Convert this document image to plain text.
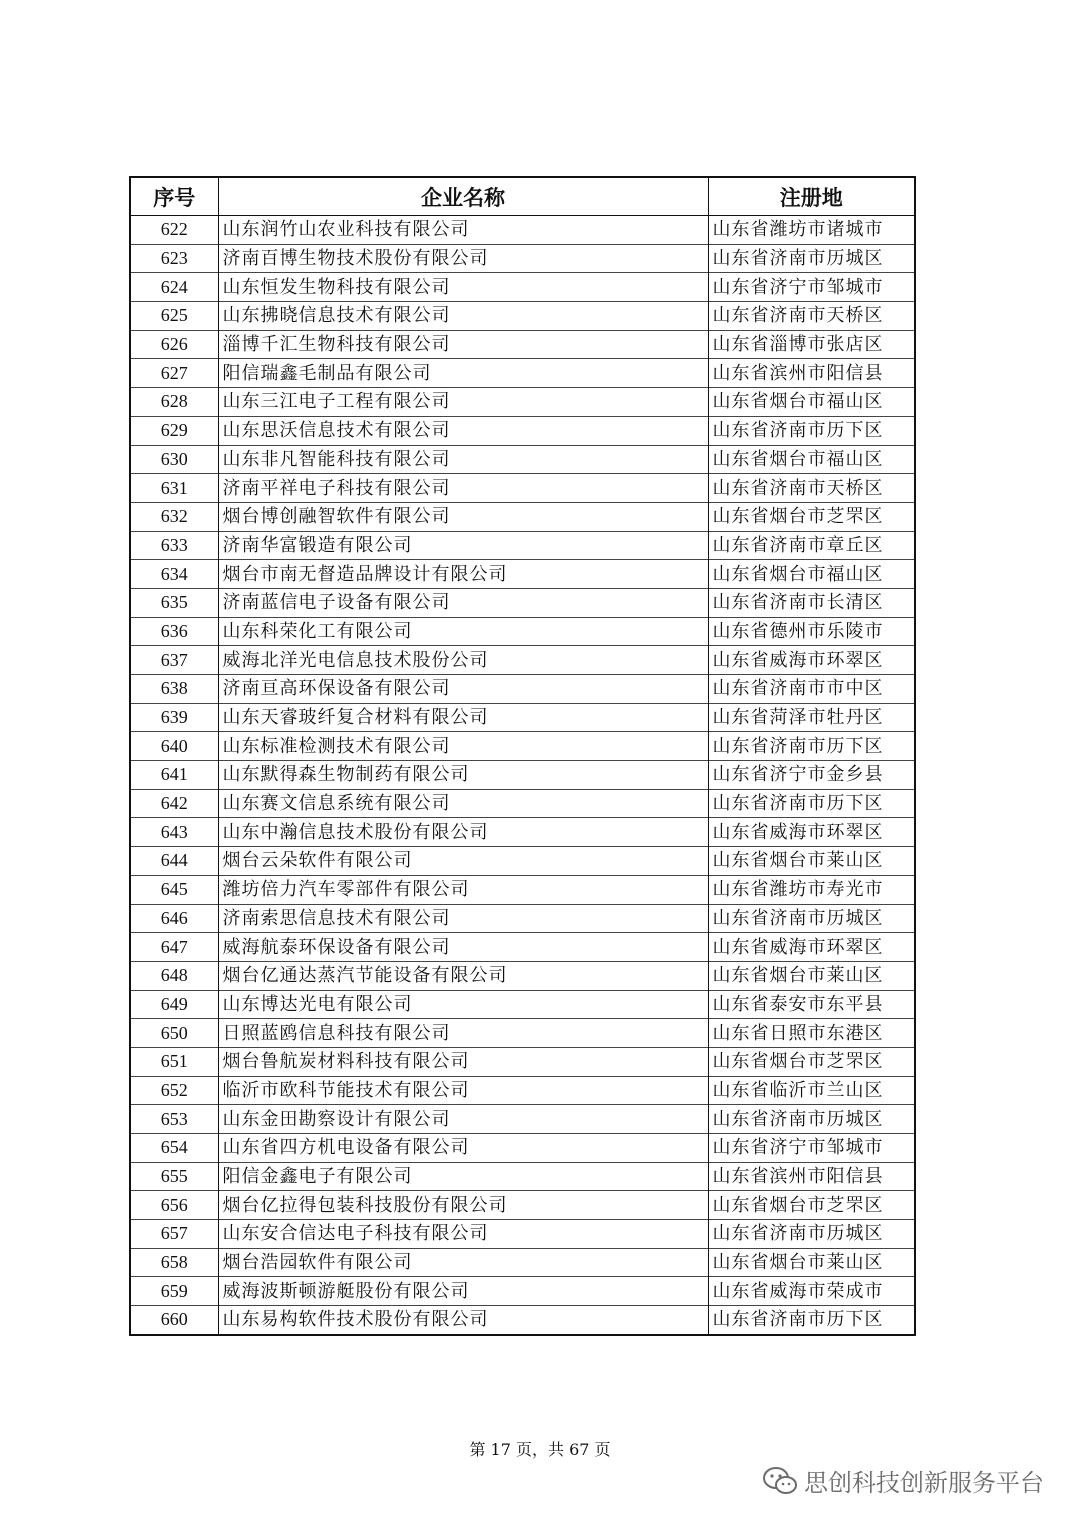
序号	企业名称	注册地
622	山东润竹山农业科技有限公司	山东省潍坊市诸城市
623	济南百博生物技术股份有限公司	山东省济南市历城区
624	山东恒发生物科技有限公司	山东省济宁市邹城市
625	山东拂晓信息技术有限公司	山东省济南市天桥区
626	淄博千汇生物科技有限公司	山东省淄博市张店区
627	阳信瑞鑫毛制品有限公司	山东省滨州市阳信县
628	山东三江电子工程有限公司	山东省烟台市福山区
629	山东思沃信息技术有限公司	山东省济南市历下区
630	山东非凡智能科技有限公司	山东省烟台市福山区
631	济南平祥电子科技有限公司	山东省济南市天桥区
632	烟台博创融智软件有限公司	山东省烟台市芝罘区
633	济南华富锻造有限公司	山东省济南市章丘区
634	烟台市南无督造品牌设计有限公司	山东省烟台市福山区
635	济南蓝信电子设备有限公司	山东省济南市长清区
636	山东科荣化工有限公司	山东省德州市乐陵市
637	威海北洋光电信息技术股份公司	山东省威海市环翠区
638	济南亘高环保设备有限公司	山东省济南市市中区
639	山东天睿玻纤复合材料有限公司	山东省菏泽市牡丹区
640	山东标准检测技术有限公司	山东省济南市历下区
641	山东默得森生物制药有限公司	山东省济宁市金乡县
642	山东赛文信息系统有限公司	山东省济南市历下区
643	山东中瀚信息技术股份有限公司	山东省威海市环翠区
644	烟台云朵软件有限公司	山东省烟台市莱山区
645	潍坊倍力汽车零部件有限公司	山东省潍坊市寿光市
646	济南索思信息技术有限公司	山东省济南市历城区
647	威海航泰环保设备有限公司	山东省威海市环翠区
648	烟台亿通达蒸汽节能设备有限公司	山东省烟台市莱山区
649	山东博达光电有限公司	山东省泰安市东平县
650	日照蓝鸥信息科技有限公司	山东省日照市东港区
651	烟台鲁航炭材料科技有限公司	山东省烟台市芝罘区
652	临沂市欧科节能技术有限公司	山东省临沂市兰山区
653	山东金田勘察设计有限公司	山东省济南市历城区
654	山东省四方机电设备有限公司	山东省济宁市邹城市
655	阳信金鑫电子有限公司	山东省滨州市阳信县
656	烟台亿拉得包装科技股份有限公司	山东省烟台市芝罘区
657	山东安合信达电子科技有限公司	山东省济南市历城区
658	烟台浩园软件有限公司	山东省烟台市莱山区
659	威海波斯顿游艇股份有限公司	山东省威海市荣成市
660	山东易构软件技术股份有限公司	山东省济南市历下区
第 17 页，共 67 页
思创科技创新服务平台
